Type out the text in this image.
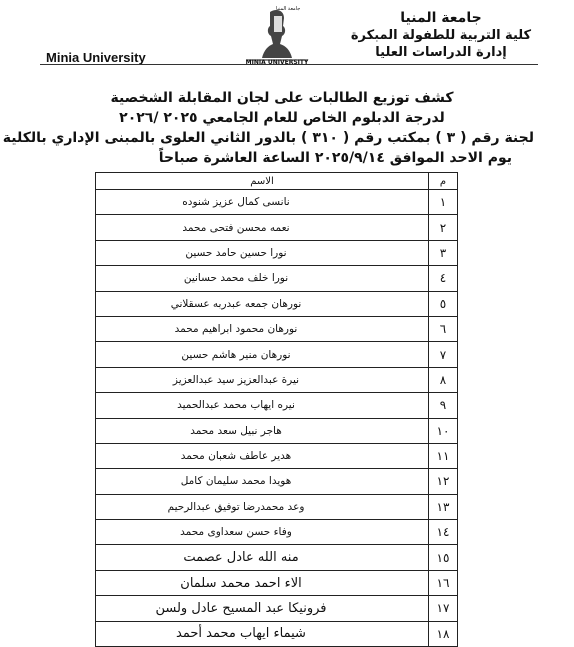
جامعة المنيا
كلية التربية للطفولة المبكرة
إدارة الدراسات العليا
جامعة المنيا
MINIA UNIVERSITY
Minia University
كشف توزيع الطالبات على لجان المقابلة الشخصية
لدرجة الدبلوم الخاص للعام الجامعي ٢٠٢٥ /٢٠٢٦
لجنة رقم ( ٣ ) بمكتب رقم ( ٣١٠ ) بالدور الثاني العلوى بالمبنى الإداري بالكلية
يوم الاحد الموافق ٢٠٢٥/٩/١٤ الساعة العاشرة صباحاً
م	الاسم
١	نانسى كمال عزيز شنوده
٢	نعمه محسن فتحى محمد
٣	نورا حسين حامد حسين
٤	نورا خلف محمد حسانين
٥	نورهان جمعه عبدربه عسقلاني
٦	نورهان محمود ابراهيم محمد
٧	نورهان منير هاشم حسين
٨	نيرة عبدالعزيز سيد عبدالعزيز
٩	نيره ايهاب محمد عبدالحميد
١٠	هاجر نبيل سعد محمد
١١	هدير عاطف شعبان محمد
١٢	هويدا محمد سليمان كامل
١٣	وعد محمدرضا توفيق عبدالرحيم
١٤	وفاء حسن سعداوى محمد
١٥	منه الله عادل عصمت
١٦	الاء احمد محمد سلمان
١٧	فرونيكا عبد المسيح عادل ولسن
١٨	شيماء ايهاب محمد أحمد
